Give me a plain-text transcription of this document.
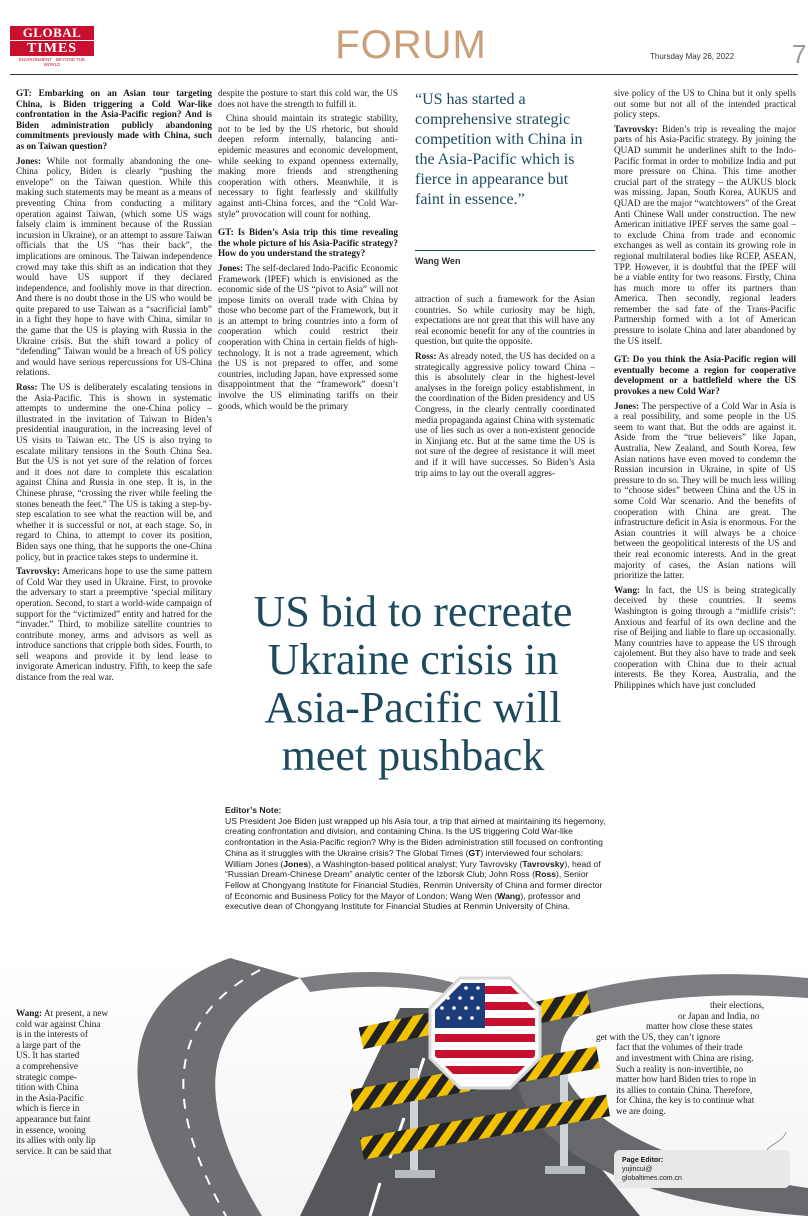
GLOBAL
TIMES
ENVIRONMENT · BEYOND THE WORLD	FORUM	Thursday May 26, 2022	7

GT: Embarking on an Asian tour targeting China, is Biden triggering a Cold War-like confrontation in the Asia-Pacific region? And is Biden administration publicly abandoning commitments previously made with China, such as on Taiwan question?

Jones: While not formally abandoning the one-China policy, Biden is clearly “pushing the envelope” on the Taiwan question. While this making such statements may be meant as a means of preventing China from conducting a military operation against Taiwan, (which some US wags falsely claim is imminent because of the Russian incursion in Ukraine), or an attempt to assure Taiwan officials that the US “has their back”, the implications are ominous. The Taiwan independence crowd may take this shift as an indication that they would have US support if they declared independence, and foolishly move in that direction. And there is no doubt those in the US who would be quite prepared to use Taiwan as a “sacrificial lamb” in a fight they hope to have with China, similar to the game that the US is playing with Russia in the Ukraine crisis. But the shift toward a policy of “defending” Taiwan would be a breach of US policy and would have serious repercussions for US-China relations.

Ross: The US is deliberately escalating tensions in the Asia-Pacific. This is shown in systematic attempts to undermine the one-China policy – illustrated in the invitation of Taiwan to Biden’s presidential inauguration, in the increasing level of US visits to Taiwan etc. The US is also trying to escalate military tensions in the South China Sea. But the US is not yet sure of the relation of forces and it does not dare to complete this escalation against China and Russia in one step. It is, in the Chinese phrase, “crossing the river while feeling the stones beneath the feet.” The US is taking a step-by-step escalation to see what the reaction will be, and whether it is successful or not, at each stage. So, in regard to China, to attempt to cover its position, Biden says one thing, that he supports the one-China policy, but in practice takes steps to undermine it.

Tavrovsky: Americans hope to use the same pattern of Cold War they used in Ukraine. First, to provoke the adversary to start a preemptive ‘special military operation. Second, to start a world-wide campaign of support for the “victimized” entity and hatred for the “invader.” Third, to mobilize satellite countries to contribute money, arms and advisors as well as introduce sanctions that cripple both sides. Fourth, to sell weapons and provide it by lend lease to invigorate American industry. Fifth, to keep the safe distance from the real war.

despite the posture to start this cold war, the US does not have the strength to fulfill it.

China should maintain its strategic stability, not to be led by the US rhetoric, but should deepen reform internally, balancing anti-epidemic measures and economic development, while seeking to expand openness externally, making more friends and strengthening cooperation with others. Meanwhile, it is necessary to fight fearlessly and skillfully against anti-China forces, and the “Cold War-style” provocation will count for nothing.

GT: Is Biden’s Asia trip this time revealing the whole picture of his Asia-Pacific strategy? How do you understand the strategy?

Jones: The self-declared Indo-Pacific Economic Framework (IPEF) which is envisioned as the economic side of the US “pivot to Asia” will not impose limits on overall trade with China by those who become part of the Framework, but it is an attempt to bring countries into a form of cooperation which could restrict their cooperation with China in certain fields of high-technology. It is not a trade agreement, which the US is not prepared to offer, and some countries, including Japan, have expressed some disappointment that the “framework” doesn’t involve the US eliminating tariffs on their goods, which would be the primary

“US has started a comprehensive strategic competition with China in the Asia-Pacific which is fierce in appearance but faint in essence.”
Wang Wen

attraction of such a framework for the Asian countries. So while curiosity may be high, expectations are not great that this will have any real economic benefit for any of the countries in question, but quite the opposite.

Ross: As already noted, the US has decided on a strategically aggressive policy toward China – this is absolutely clear in the highest-level analyses in the foreign policy establishment, in the coordination of the Biden presidency and US Congress, in the clearly centrally coordinated media propaganda against China with systematic use of lies such as over a non-existent genocide in Xinjiang etc. But at the same time the US is not sure of the degree of resistance it will meet and if it will have successes. So Biden’s Asia trip aims to lay out the overall aggres-

sive policy of the US to China but it only spells out some but not all of the intended practical policy steps.

Tavrovsky: Biden’s trip is revealing the major parts of his Asia-Pacific strategy. By joining the QUAD summit he underlines shift to the Indo-Pacific format in order to mobilize India and put more pressure on China. This time another crucial part of the strategy – the AUKUS block was missing. Japan, South Korea, AUKUS and QUAD are the major “watchtowers” of the Great Anti Chinese Wall under construction. The new American initiative IPEF serves the same goal – to exclude China from trade and economic exchanges as well as contain its growing role in regional multilateral bodies like RCEP, ASEAN, TPP. However, it is doubtful that the IPEF will be a viable entity for two reasons. Firstly, China has much more to offer its partners than America. Then secondly, regional leaders remember the sad fate of the Trans-Pacific Partnership formed with a lot of American pressure to isolate China and later abandoned by the US itself.

GT: Do you think the Asia-Pacific region will eventually become a region for cooperative development or a battlefield where the US provokes a new Cold War?

Jones: The perspective of a Cold War in Asia is a real possibility, and some people in the US seem to want that. But the odds are against it. Aside from the “true believers” like Japan, Australia, New Zealand, and South Korea, few Asian nations have even moved to condemn the Russian incursion in Ukraine, in spite of US pressure to do so. They will be much less willing to “choose sides” between China and the US in some Cold War scenario. And the benefits of cooperation with China are great. The infrastructure deficit in Asia is enormous. For the Asian countries it will always be a choice between the geopolitical interests of the US and their real economic interests. And in the great majority of cases, the Asian nations will prioritize the latter.

Wang: In fact, the US is being strategically deceived by these countries. It seems Washington is going through a “midlife crisis”: Anxious and fearful of its own decline and the rise of Beijing and liable to flare up occasionally. Many countries have to appease the US through cajolement. But they also have to trade and seek cooperation with China due to their actual interests. Be they Korea, Australia, and the Philippines which have just concluded

US bid to recreate Ukraine crisis in Asia-Pacific will meet pushback
Editor’s Note:
US President Joe Biden just wrapped up his Asia tour, a trip that aimed at maintaining its hegemony, creating confrontation and division, and containing China. Is the US triggering Cold War-like confrontation in the Asia-Pacific region? Why is the Biden administration still focused on confronting China as it struggles with the Ukraine crisis? The Global Times (GT) interviewed four scholars: William Jones (Jones), a Washington-based political analyst; Yury Tavrovsky (Tavrovsky), head of “Russian Dream-Chinese Dream” analytic center of the Izborsk Club; John Ross (Ross), Senior Fellow at Chongyang Institute for Financial Studies, Renmin University of China and former director of Economic and Business Policy for the Mayor of London; Wang Wen (Wang), professor and executive dean of Chongyang Institute for Financial Studies at Renmin University of China.
Wang: At present, a new
cold war against China
is in the interests of
a large part of the
US. It has started
a comprehensive
strategic compe-
tition with China
in the Asia-Pacific
which is fierce in
appearance but faint
in essence, wooing
its allies with only lip
service. It can be said that
their elections,
or Japan and India, no
matter how close these states
get with the US, they can’t ignore
fact that the volumes of their trade
and investment with China are rising.
Such a reality is non-invertible, no
matter how hard Biden tries to rope in
its allies to contain China. Therefore,
for China, the key is to continue what
we are doing.
Page Editor:
yujincui@
globaltimes.com.cn
